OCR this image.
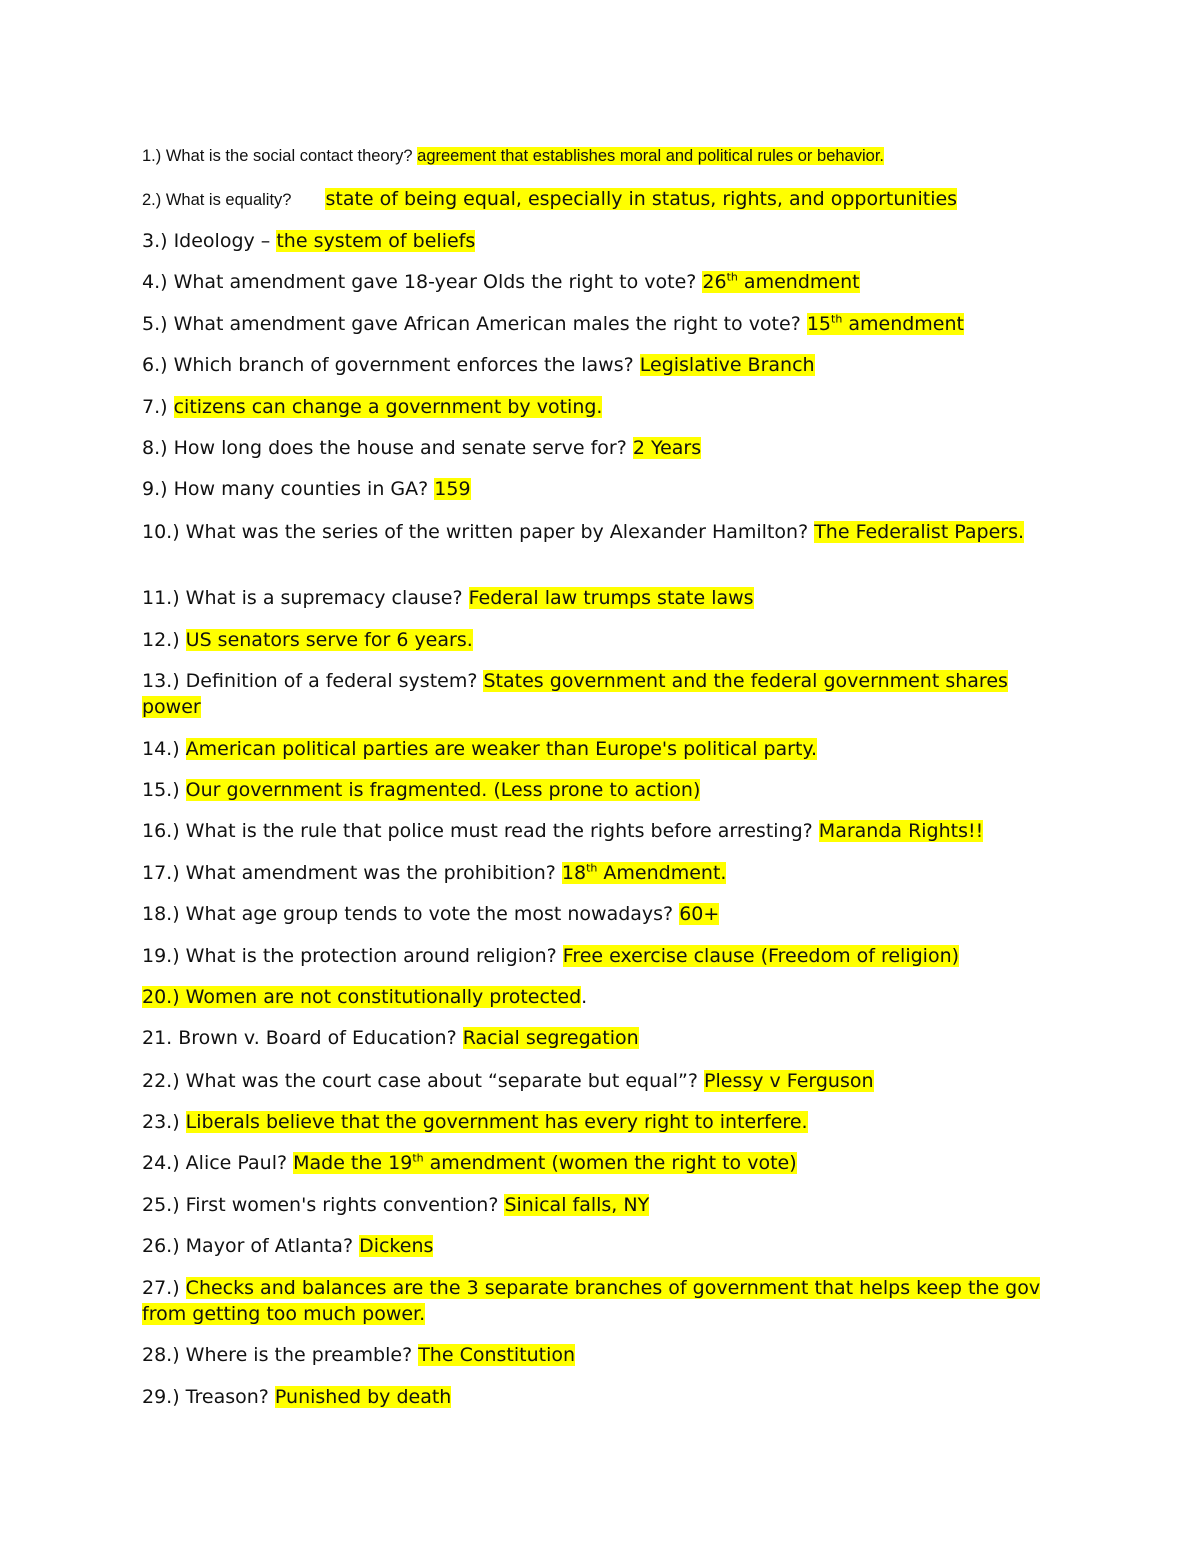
1.) What is the social contact theory? agreement that establishes moral and political rules or behavior.
2.) What is equality? state of being equal, especially in status, rights, and opportunities
3.) Ideology – the system of beliefs
4.) What amendment gave 18-year Olds the right to vote? 26th amendment
5.) What amendment gave African American males the right to vote? 15th amendment
6.) Which branch of government enforces the laws? Legislative Branch
7.) citizens can change a government by voting.
8.) How long does the house and senate serve for? 2 Years
9.) How many counties in GA? 159
10.) What was the series of the written paper by Alexander Hamilton? The Federalist Papers.
11.) What is a supremacy clause? Federal law trumps state laws
12.) US senators serve for 6 years.
13.) Definition of a federal system? States government and the federal government shares power
14.) American political parties are weaker than Europe's political party.
15.) Our government is fragmented. (Less prone to action)
16.) What is the rule that police must read the rights before arresting? Maranda Rights!!
17.) What amendment was the prohibition? 18th Amendment.
18.) What age group tends to vote the most nowadays? 60+
19.) What is the protection around religion? Free exercise clause (Freedom of religion)
20.) Women are not constitutionally protected.
21. Brown v. Board of Education? Racial segregation
22.) What was the court case about “separate but equal”? Plessy v Ferguson
23.) Liberals believe that the government has every right to interfere.
24.) Alice Paul? Made the 19th amendment (women the right to vote)
25.) First women's rights convention? Sinical falls, NY
26.) Mayor of Atlanta? Dickens
27.) Checks and balances are the 3 separate branches of government that helps keep the gov from getting too much power.
28.) Where is the preamble? The Constitution
29.) Treason? Punished by death
